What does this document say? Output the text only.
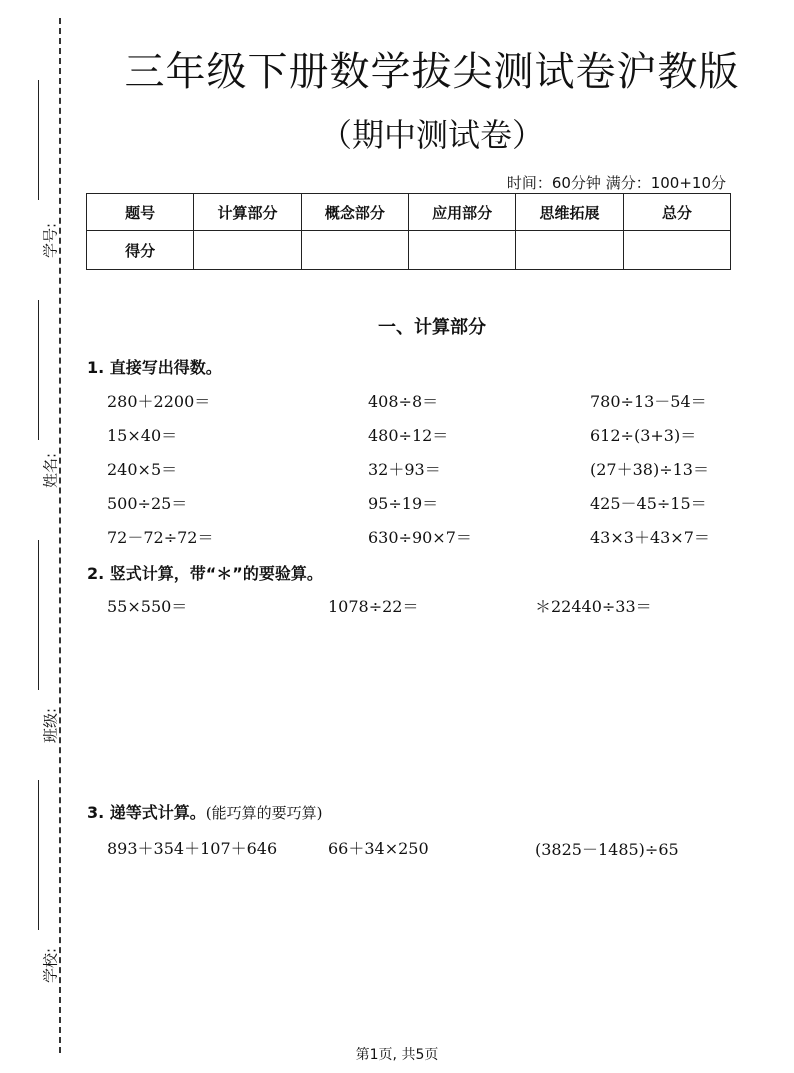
学号:
姓名:
班级:
学校:
三年级下册数学拔尖测试卷沪教版
（期中测试卷）
时间：60分钟 满分：100+10分
题号	计算部分	概念部分	应用部分	思维拓展	总分
得分					
一、计算部分
1. 直接写出得数。
280＋2200＝	408÷8＝	780÷13－54＝
15×40＝	480÷12＝	612÷(3+3)＝
240×5＝	32＋93＝	(27＋38)÷13＝
500÷25＝	95÷19＝	425－45÷15＝
72－72÷72＝	630÷90×7＝	43×3＋43×7＝
2. 竖式计算，带“＊”的要验算。
55×550＝	1078÷22＝	＊22440÷33＝
3. 递等式计算。(能巧算的要巧算)
893＋354＋107＋646	66＋34×250	(3825－1485)÷65
第1页, 共5页
